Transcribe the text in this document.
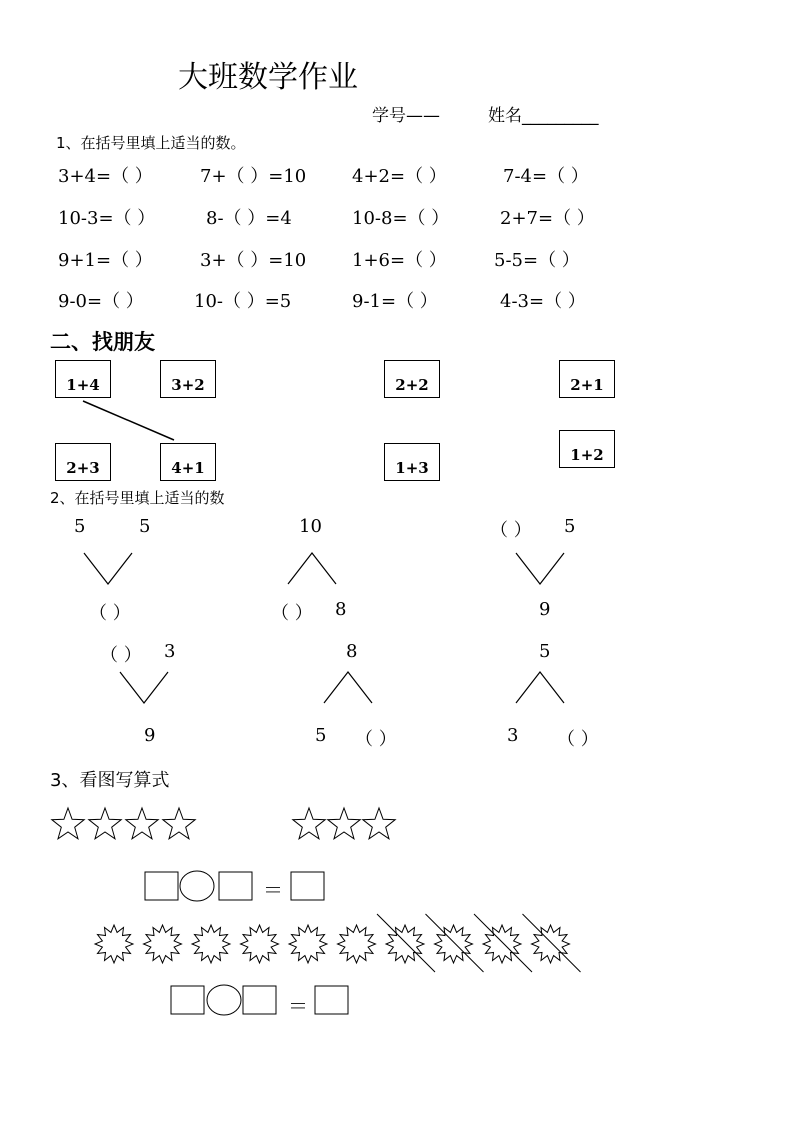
大班数学作业
学号——	姓名_________
1、在括号里填上适当的数。
3+4=（ ）	7+（ ）=10	4+2=（ ）	7-4=（ ）
10-3=（ ）	8-（ ）=4	10-8=（ ）	2+7=（ ）
9+1=（ ）	3+（ ）=10	1+6=（ ）	5-5=（ ）
9-0=（ ）	10-（ ）=5	9-1=（ ）	4-3=（ ）
二、找朋友
1+4	3+2	2+2	2+1
2+3	4+1	1+3
1+2
2、在括号里填上适当的数
5	5
（ ）
10
（ ） 8
（ ） 5
9
（ ） 3
9
8
5 （ ）
5
3 （ ）
3、看图写算式
＝
＝
